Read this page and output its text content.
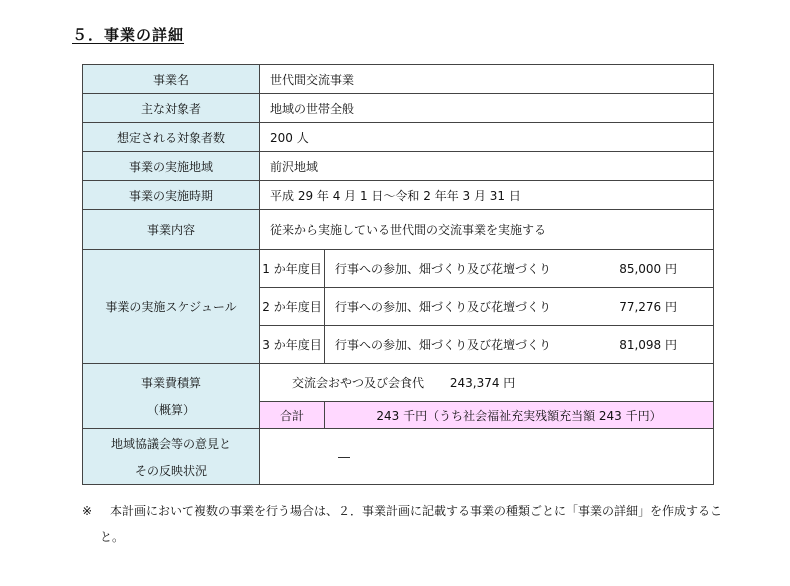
５．事業の詳細
事業名	世代間交流事業	
主な対象者	地域の世帯全般	
想定される対象者数	200 人	
事業の実施地域	前沢地域	
事業の実施時期	平成 29 年 4 月 1 日～令和 2 年年 3 月 31 日	
事業内容	従来から実施している世代間の交流事業を実施する	
事業の実施スケジュール	1 か年度目	行事への参加、畑づくり及び花壇づくり 85,000 円

	2 か年度目	行事への参加、畑づくり及び花壇づくり 77,276 円

	3 か年度目	行事への参加、畑づくり及び花壇づくり 81,098 円

事業費積算
（概算）	交流会おやつ及び会食代 243,374 円	
	合計	243 千円（うち社会福祉充実残額充当額 243 千円）

地域協議会等の意見と
その反映状況	―	
※ 本計画において複数の事業を行う場合は、２．事業計画に記載する事業の種類ごとに「事業の詳細」を作成するこ
と。
